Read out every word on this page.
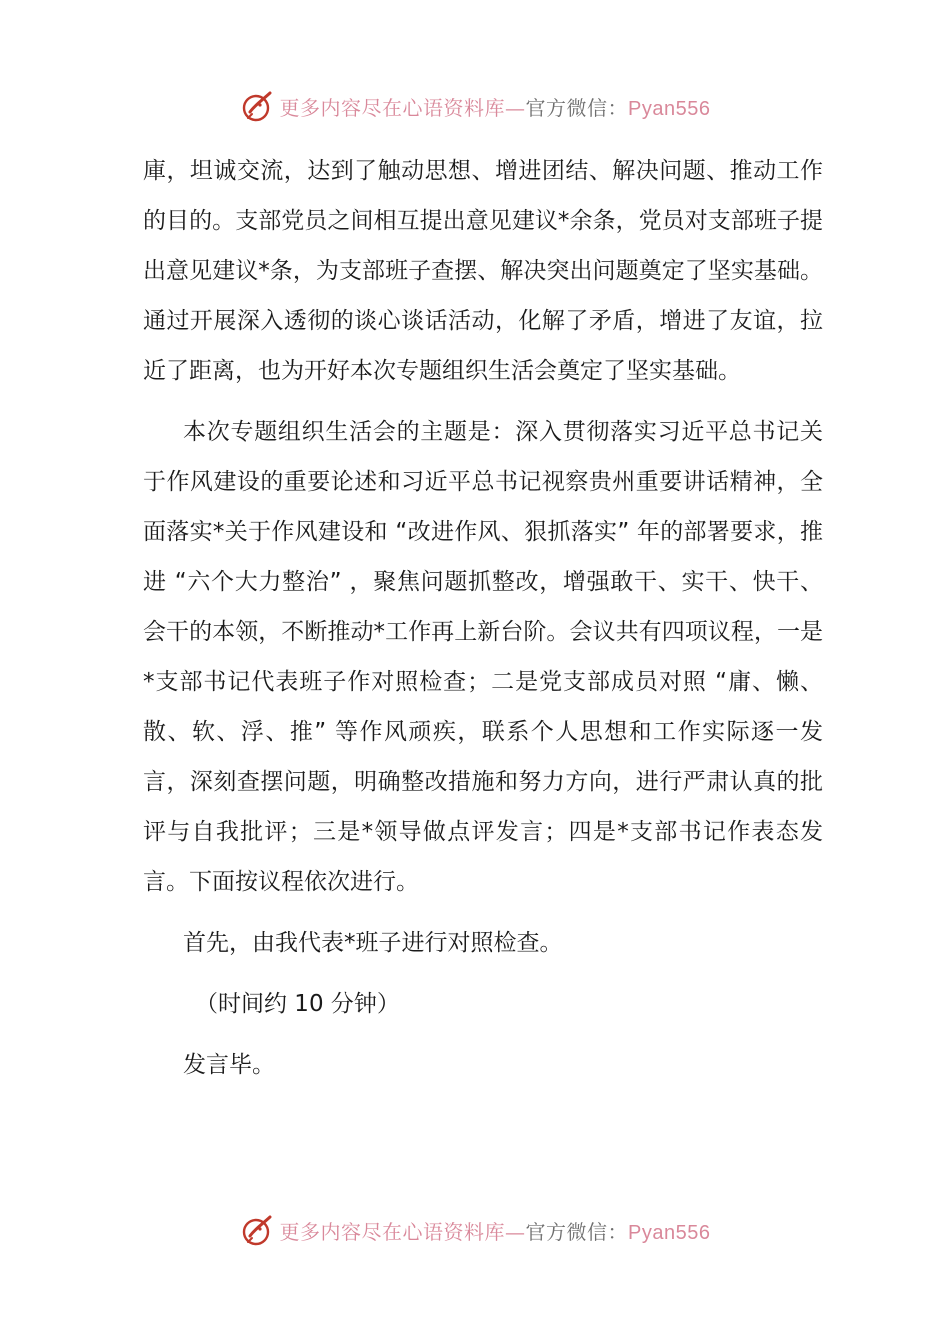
更多内容尽在心语资料库—官方微信：Pyan556

庫，坦诚交流，达到了触动思想、增进团结、解决问题、推动工作的目的。支部党员之间相互提出意见建议*余条，党员对支部班子提出意见建议*条，为支部班子查摆、解决突出问题奠定了坚实基础。通过开展深入透彻的谈心谈话活动，化解了矛盾，增进了友谊，拉近了距离，也为开好本次专题组织生活会奠定了坚实基础。

本次专题组织生活会的主题是：深入贯彻落实习近平总书记关于作风建设的重要论述和习近平总书记视察贵州重要讲话精神，全面落实*关于作风建设和 “改进作风、狠抓落实” 年的部署要求，推进 “六个大力整治” ，聚焦问题抓整改，增强敢干、实干、快干、会干的本领，不断推动*工作再上新台阶。会议共有四项议程，一是*支部书记代表班子作对照检查；二是党支部成员对照 “庸、懒、散、软、浮、推” 等作风顽疾，联系个人思想和工作实际逐一发言，深刻查摆问题，明确整改措施和努力方向，进行严肃认真的批评与自我批评；三是*领导做点评发言；四是*支部书记作表态发言。下面按议程依次进行。

首先，由我代表*班子进行对照检查。

（时间约 10 分钟）

发言毕。

更多内容尽在心语资料库—官方微信：Pyan556
